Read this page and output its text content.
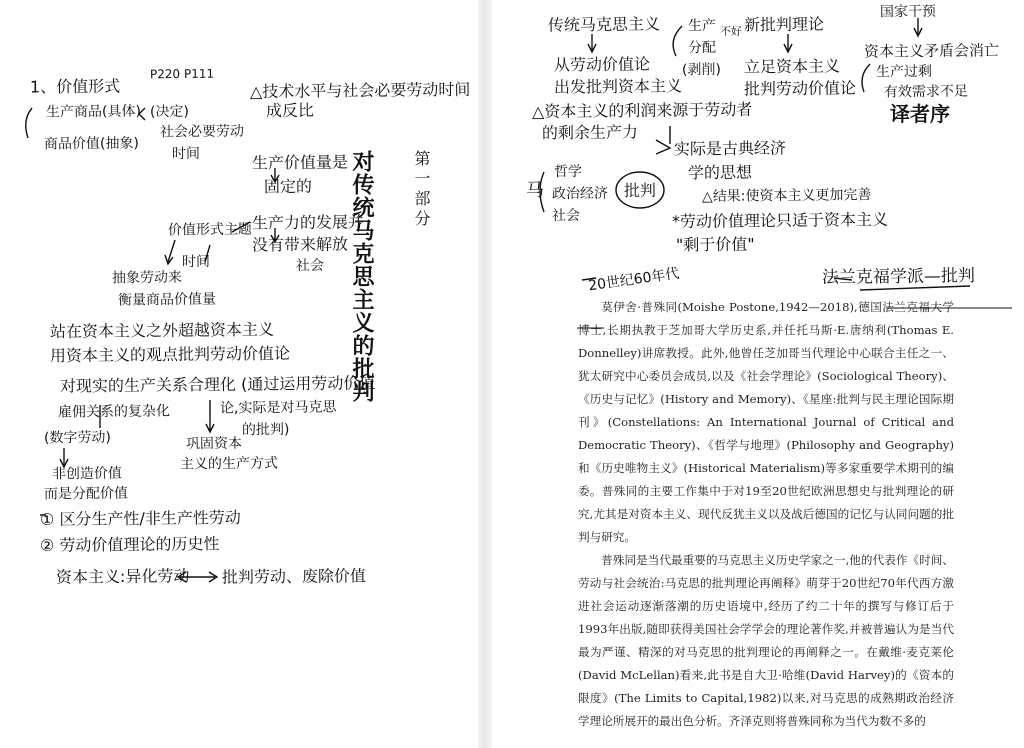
1、价值形式
P220 P111
△技术水平与社会必要劳动时间
成反比
生产商品(具体) (决定)
社会必要劳动
商品价值(抽象)
时间	生产价值量是
固定的
价值形式主题 生产力的发展并
没有带来解放
时间	社会
抽象劳动来
衡量商品价值量
站在资本主义之外超越资本主义
用资本主义的观点批判劳动价值论
对现实的生产关系合理化 (通过运用劳动价值
雇佣关系的复杂化	论,实际是对马克思
的批判)
(数字劳动)	巩固资本
主义的生产方式
非创造价值
而是分配价值
① 区分生产性/非生产性劳动
② 劳动价值理论的历史性
资本主义:异化劳动 批判劳动、废除价值
对传统马克思主义的批判 第一部分
传统马克思主义 生产 不好 新批判理论
国家干预
分配	资本主义矛盾会消亡
从劳动价值论 (剥削) 立足资本主义	生产过剩
出发批判资本主义	批判劳动价值论 有效需求不足
译者序
△资本主义的利润来源于劳动者
的剩余生产力
实际是古典经济
马
哲学	学的思想
政治经济 批判	△结果:使资本主义更加完善
社会	*劳动价值理论只适于资本主义
"剩于价值"
20世纪60年代	法兰克福学派—批判

莫伊舍·普殊同(Moishe Postone,1942—2018),德国法兰克福大学博士,长期执教于芝加哥大学历史系,并任托马斯·E.唐纳利(Thomas E. Donnelley)讲席教授。此外,他曾任芝加哥当代理论中心联合主任之一、犹太研究中心委员会成员,以及《社会学理论》(Sociological Theory)、《历史与记忆》(History and Memory)、《星座:批判与民主理论国际期刊》(Constellations: An International Journal of Critical and Democratic Theory)、《哲学与地理》(Philosophy and Geography)和《历史唯物主义》(Historical Materialism)等多家重要学术期刊的编委。普殊同的主要工作集中于对19至20世纪欧洲思想史与批判理论的研究,尤其是对资本主义、现代反犹主义以及战后德国的记忆与认同问题的批判与研究。

普殊同是当代最重要的马克思主义历史学家之一,他的代表作《时间、劳动与社会统治:马克思的批判理论再阐释》萌芽于20世纪70年代西方激进社会运动逐渐落潮的历史语境中,经历了约二十年的撰写与修订后于1993年出版,随即获得美国社会学学会的理论著作奖,并被普遍认为是当代最为严谨、精深的对马克思的批判理论的再阐释之一。在戴维·麦克莱伦(David McLellan)看来,此书是自大卫·哈维(David Harvey)的《资本的限度》(The Limits to Capital,1982)以来,对马克思的成熟期政治经济学理论所展开的最出色分析。齐泽克则将普殊同称为当代为数不多的
